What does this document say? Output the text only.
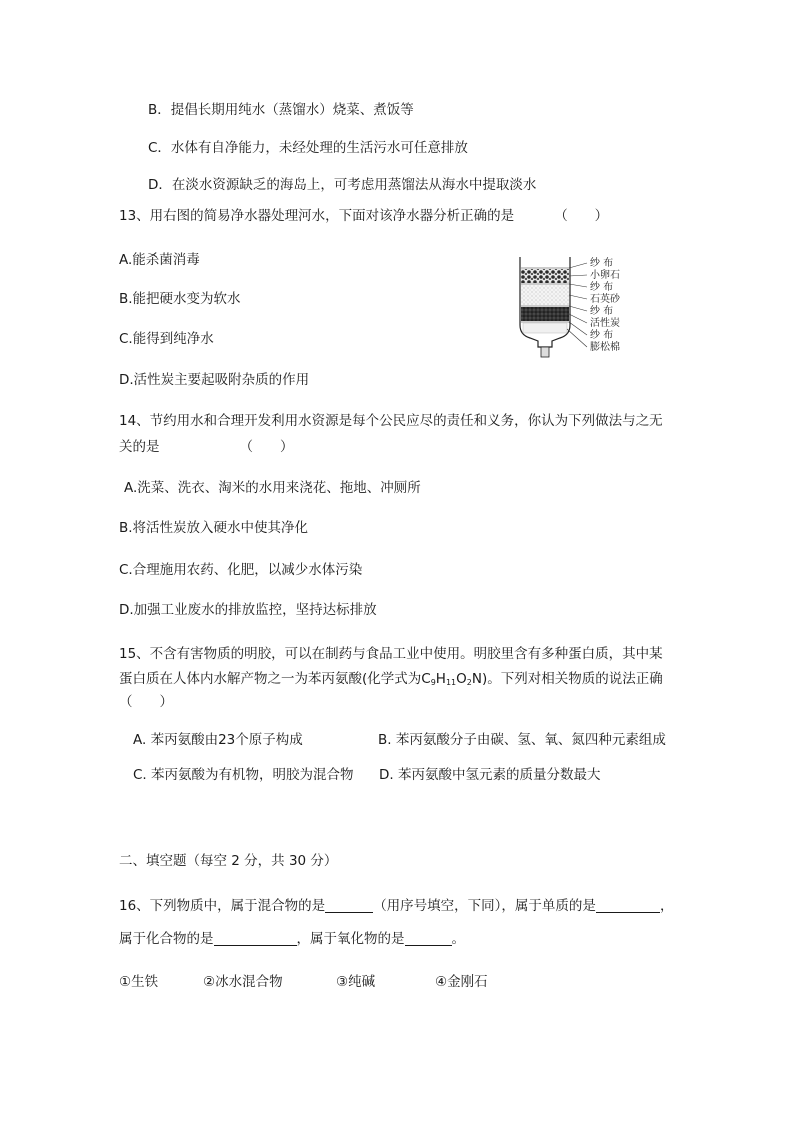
B．提倡长期用纯水（蒸馏水）烧菜、煮饭等
C．水体有自净能力，未经处理的生活污水可任意排放
D．在淡水资源缺乏的海岛上，可考虑用蒸馏法从海水中提取淡水
13、用右图的简易净水器处理河水，下面对该净水器分析正确的是	（　　）
A.能杀菌消毒
B.能把硬水变为软水
C.能得到纯净水
D.活性炭主要起吸附杂质的作用
纱 布
小卵石
纱 布
石英砂
纱 布
活性炭
纱 布
膨松棉
14、节约用水和合理开发利用水资源是每个公民应尽的责任和义务，你认为下列做法与之无
关的是	（　　）
A.洗菜、洗衣、淘米的水用来浇花、拖地、冲厕所
B.将活性炭放入硬水中使其净化
C.合理施用农药、化肥，以减少水体污染
D.加强工业废水的排放监控，坚持达标排放
15、不含有害物质的明胶，可以在制药与食品工业中使用。明胶里含有多种蛋白质，其中某
蛋白质在人体内水解产物之一为苯丙氨酸(化学式为$C_9H_{11}O_2N$)。下列对相关物质的说法正确
（　　）
A. 苯丙氨酸由23个原子构成	B. 苯丙氨酸分子由碳、氢、氧、氮四种元素组成
C. 苯丙氨酸为有机物，明胶为混合物 D. 苯丙氨酸中氢元素的质量分数最大
二、填空题（每空 2 分，共 30 分）
16、下列物质中，属于混合物的是	（用序号填空，下同），属于单质的是	，
属于化合物的是	，属于氧化物的是	。
①生铁	②冰水混合物	③纯碱	④金刚石
